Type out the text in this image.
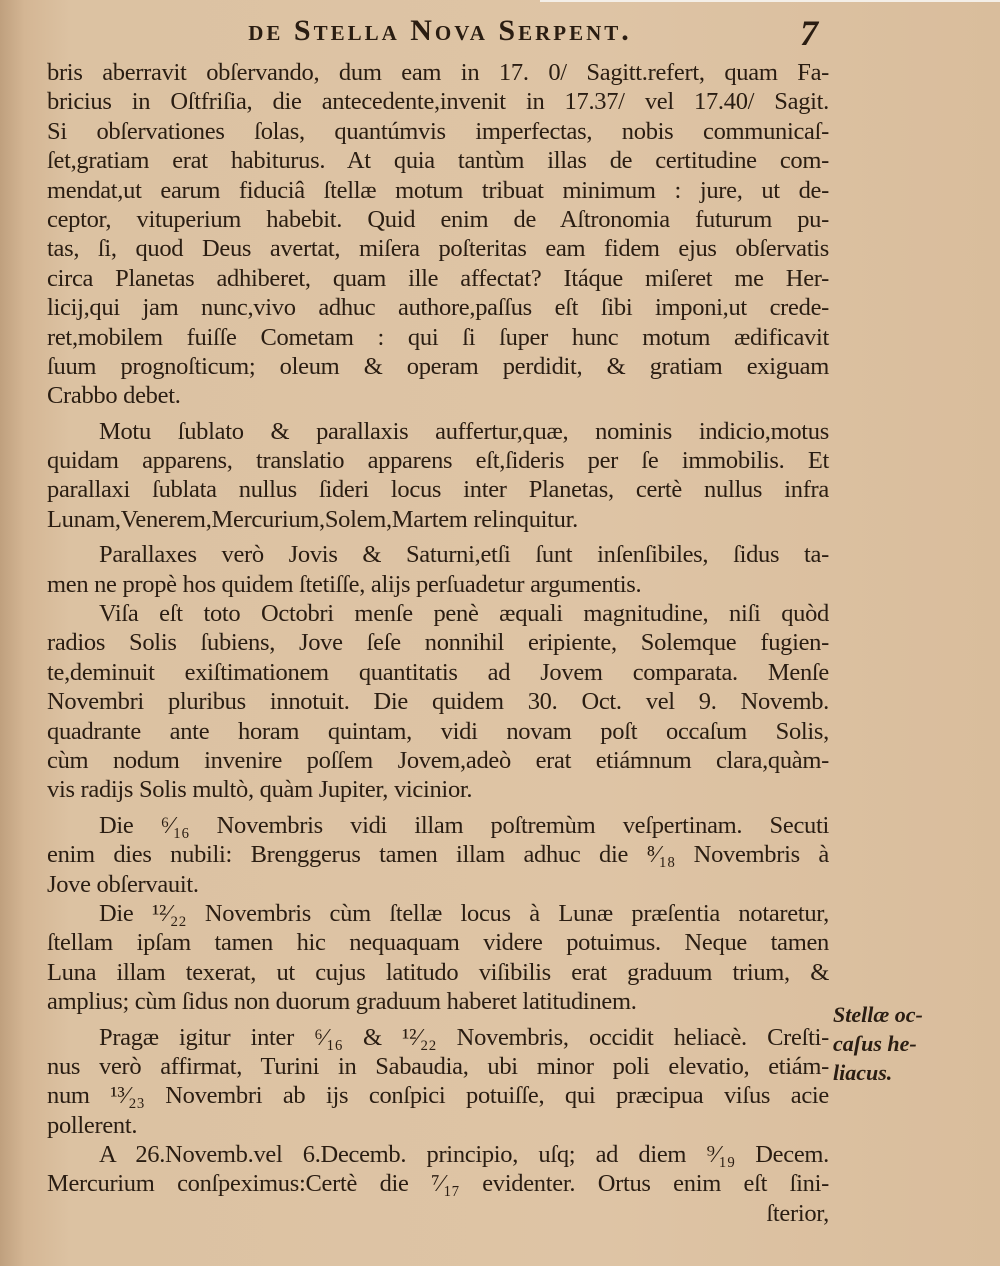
de Stella Nova Serpent.	7
bris aberravit obſervando, dum eam in 17. 0/ Sagitt.refert, quam Fa-
bricius in Oſtfriſia, die antecedente,invenit in 17.37/ vel 17.40/ Sagit.
Si obſervationes ſolas, quantúmvis imperfectas, nobis communicaſ-
ſet,gratiam erat habiturus. At quia tantùm illas de certitudine com-
mendat,ut earum fiduciâ ſtellæ motum tribuat minimum : jure, ut de-
ceptor, vituperium habebit. Quid enim de Aſtronomia futurum pu-
tas, ſi, quod Deus avertat, miſera poſteritas eam fidem ejus obſervatis
circa Planetas adhiberet, quam ille affectat? Itáque miſeret me Her-
licij,qui jam nunc,vivo adhuc authore,paſſus eſt ſibi imponi,ut crede-
ret,mobilem fuiſſe Cometam : qui ſi ſuper hunc motum ædificavit
ſuum prognoſticum; oleum & operam perdidit, & gratiam exiguam
Crabbo debet.
Motu ſublato & parallaxis auffertur,quæ, nominis indicio,motus
quidam apparens, translatio apparens eſt,ſideris per ſe immobilis. Et
parallaxi ſublata nullus ſideri locus inter Planetas, certè nullus infra
Lunam,Venerem,Mercurium,Solem,Martem relinquitur.
Parallaxes verò Jovis & Saturni,etſi ſunt inſenſibiles, ſidus ta-
men ne propè hos quidem ſtetiſſe, alijs perſuadetur argumentis.
Viſa eſt toto Octobri menſe penè æquali magnitudine, niſi quòd
radios Solis ſubiens, Jove ſeſe nonnihil eripiente, Solemque fugien-
te,deminuit exiſtimationem quantitatis ad Jovem comparata. Menſe
Novembri pluribus innotuit. Die quidem 30. Oct. vel 9. Novemb.
quadrante ante horam quintam, vidi novam poſt occaſum Solis,
cùm nodum invenire poſſem Jovem,adeò erat etiámnum clara,quàm-
vis radijs Solis multò, quàm Jupiter, vicinior.
Die ⁶⁄₁₆ Novembris vidi illam poſtremùm veſpertinam. Secuti
enim dies nubili: Brenggerus tamen illam adhuc die ⁸⁄₁₈ Novembris à
Jove obſervauit.
Die ¹²⁄₂₂ Novembris cùm ſtellæ locus à Lunæ præſentia notaretur,
ſtellam ipſam tamen hic nequaquam videre potuimus. Neque tamen
Luna illam texerat, ut cujus latitudo viſibilis erat graduum trium, &
amplius; cùm ſidus non duorum graduum haberet latitudinem.
Pragæ igitur inter ⁶⁄₁₆ & ¹²⁄₂₂ Novembris, occidit heliacè. Creſti-
nus verò affirmat, Turini in Sabaudia, ubi minor poli elevatio, etiám-
num ¹³⁄₂₃ Novembri ab ijs conſpici potuiſſe, qui præcipua viſus acie
pollerent.
A 26.Novemb.vel 6.Decemb. principio, uſq; ad diem ⁹⁄₁₉ Decem.
Mercurium conſpeximus:Certè die ⁷⁄₁₇ evidenter. Ortus enim eſt ſini-
ſterior,
Stellæ oc-
caſus he-
liacus.
